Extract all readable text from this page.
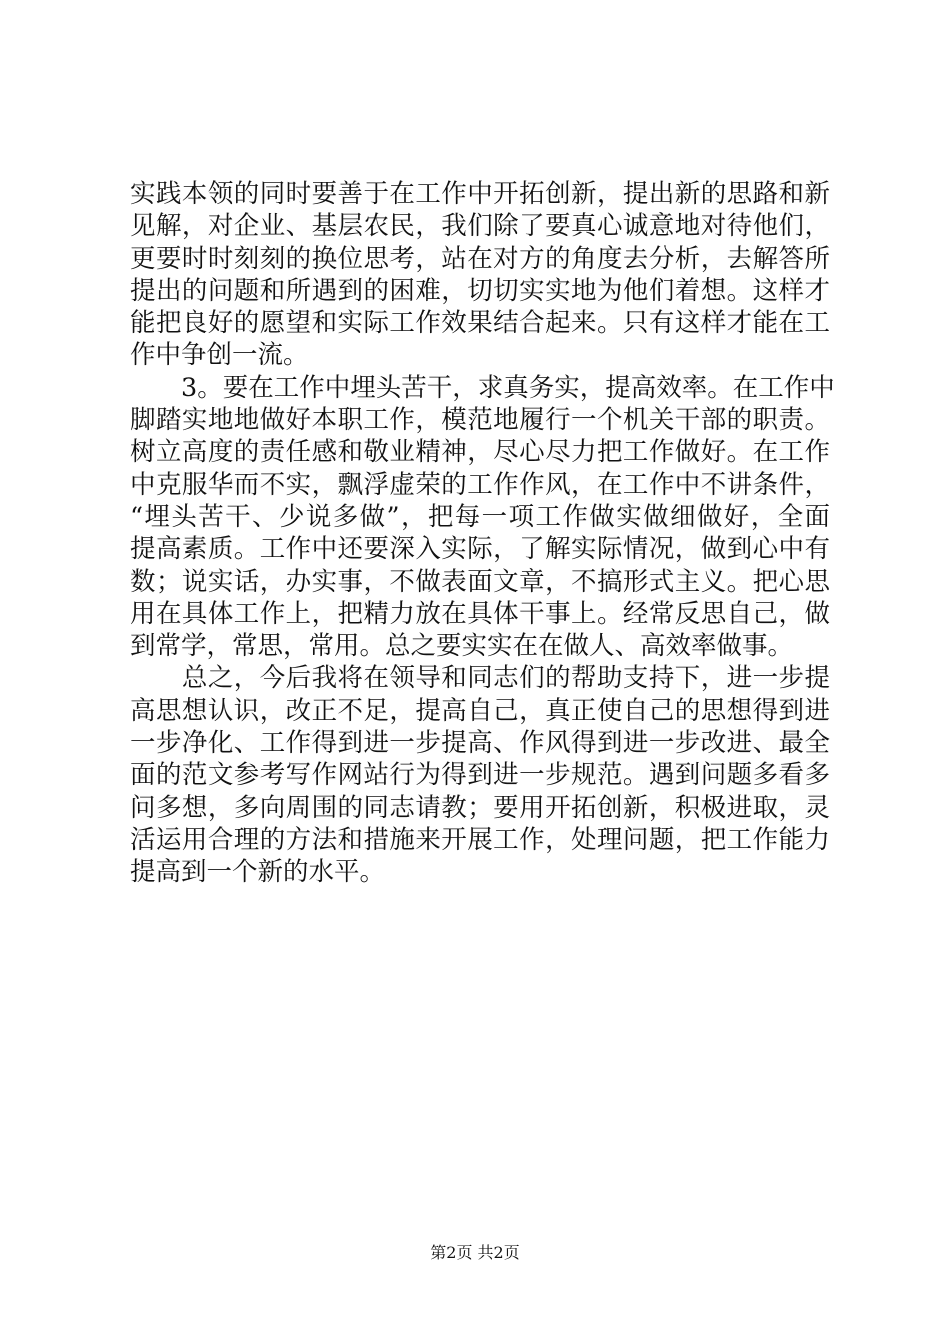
实践本领的同时要善于在工作中开拓创新，提出新的思路和新
见解，对企业、基层农民，我们除了要真心诚意地对待他们，
更要时时刻刻的换位思考，站在对方的角度去分析，去解答所
提出的问题和所遇到的困难，切切实实地为他们着想。这样才
能把良好的愿望和实际工作效果结合起来。只有这样才能在工
作中争创一流。
　　3。要在工作中埋头苦干，求真务实，提高效率。在工作中
脚踏实地地做好本职工作，模范地履行一个机关干部的职责。
树立高度的责任感和敬业精神，尽心尽力把工作做好。在工作
中克服华而不实，飘浮虚荣的工作作风，在工作中不讲条件，
“埋头苦干、少说多做”，把每一项工作做实做细做好，全面
提高素质。工作中还要深入实际，了解实际情况，做到心中有
数；说实话，办实事，不做表面文章，不搞形式主义。把心思
用在具体工作上，把精力放在具体干事上。经常反思自己，做
到常学，常思，常用。总之要实实在在做人、高效率做事。
　　总之，今后我将在领导和同志们的帮助支持下，进一步提
高思想认识，改正不足，提高自己，真正使自己的思想得到进
一步净化、工作得到进一步提高、作风得到进一步改进、最全
面的范文参考写作网站行为得到进一步规范。遇到问题多看多
问多想，多向周围的同志请教；要用开拓创新，积极进取，灵
活运用合理的方法和措施来开展工作，处理问题，把工作能力
提高到一个新的水平。
第2页 共2页
